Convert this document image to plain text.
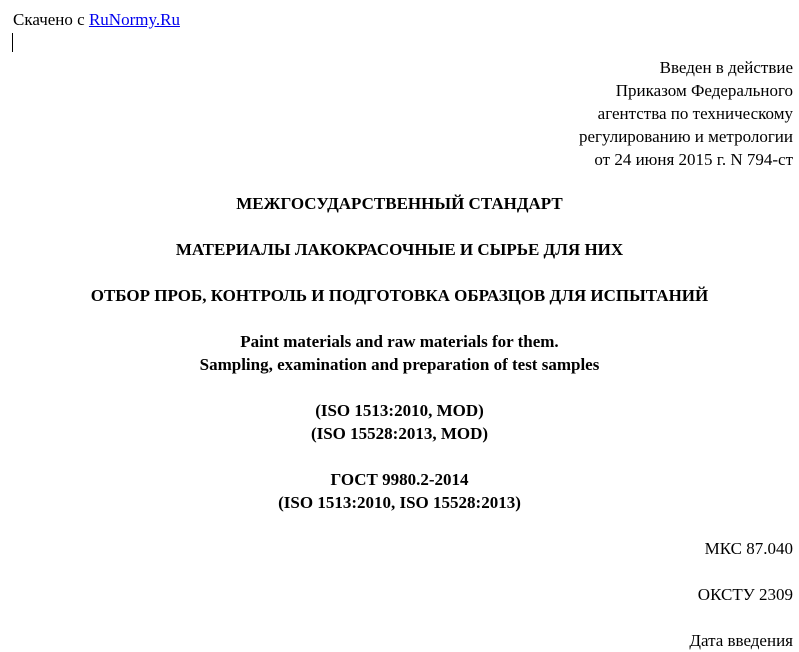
Скачено с RuNormy.Ru
Введен в действие
Приказом Федерального
агентства по техническому
регулированию и метрологии
от 24 июня 2015 г. N 794-ст
МЕЖГОСУДАРСТВЕННЫЙ СТАНДАРТ
МАТЕРИАЛЫ ЛАКОКРАСОЧНЫЕ И СЫРЬЕ ДЛЯ НИХ
ОТБОР ПРОБ, КОНТРОЛЬ И ПОДГОТОВКА ОБРАЗЦОВ ДЛЯ ИСПЫТАНИЙ
Paint materials and raw materials for them.
Sampling, examination and preparation of test samples
(ISO 1513:2010, MOD)
(ISO 15528:2013, MOD)
ГОСТ 9980.2-2014
(ISO 1513:2010, ISO 15528:2013)
МКС 87.040
ОКСТУ 2309
Дата введения
